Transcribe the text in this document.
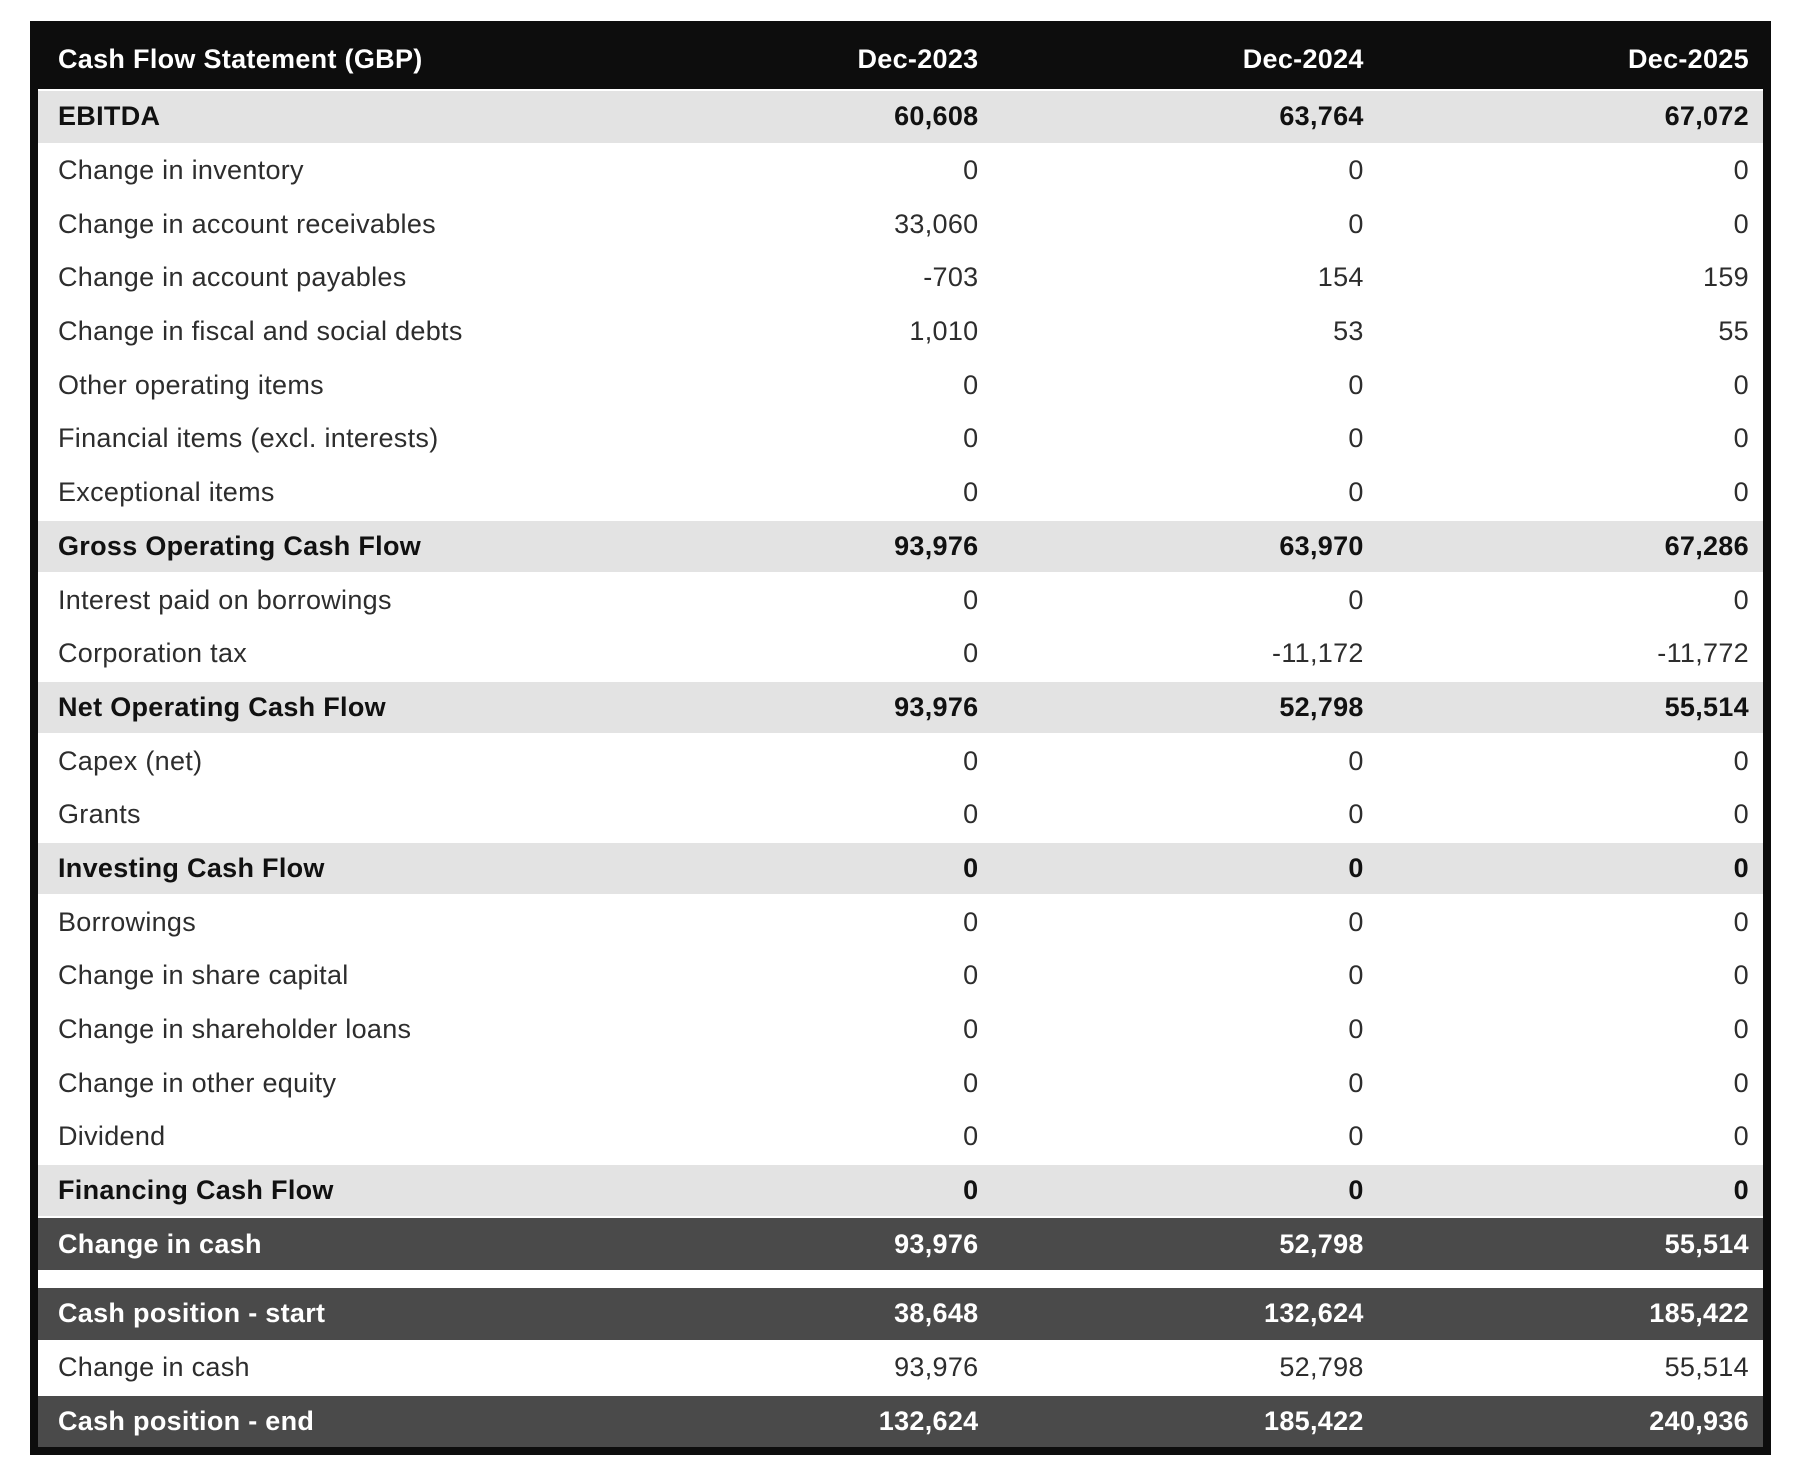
Cash Flow Statement (GBP)	Dec-2023	Dec-2024	Dec-2025
EBITDA	60,608	63,764	67,072
Change in inventory	0	0	0
Change in account receivables	33,060	0	0
Change in account payables	-703	154	159
Change in fiscal and social debts	1,010	53	55
Other operating items	0	0	0
Financial items (excl. interests)	0	0	0
Exceptional items	0	0	0
Gross Operating Cash Flow	93,976	63,970	67,286
Interest paid on borrowings	0	0	0
Corporation tax	0	-11,172	-11,772
Net Operating Cash Flow	93,976	52,798	55,514
Capex (net)	0	0	0
Grants	0	0	0
Investing Cash Flow	0	0	0
Borrowings	0	0	0
Change in share capital	0	0	0
Change in shareholder loans	0	0	0
Change in other equity	0	0	0
Dividend	0	0	0
Financing Cash Flow	0	0	0
Change in cash	93,976	52,798	55,514
Cash position - start	38,648	132,624	185,422
Change in cash	93,976	52,798	55,514
Cash position - end	132,624	185,422	240,936
